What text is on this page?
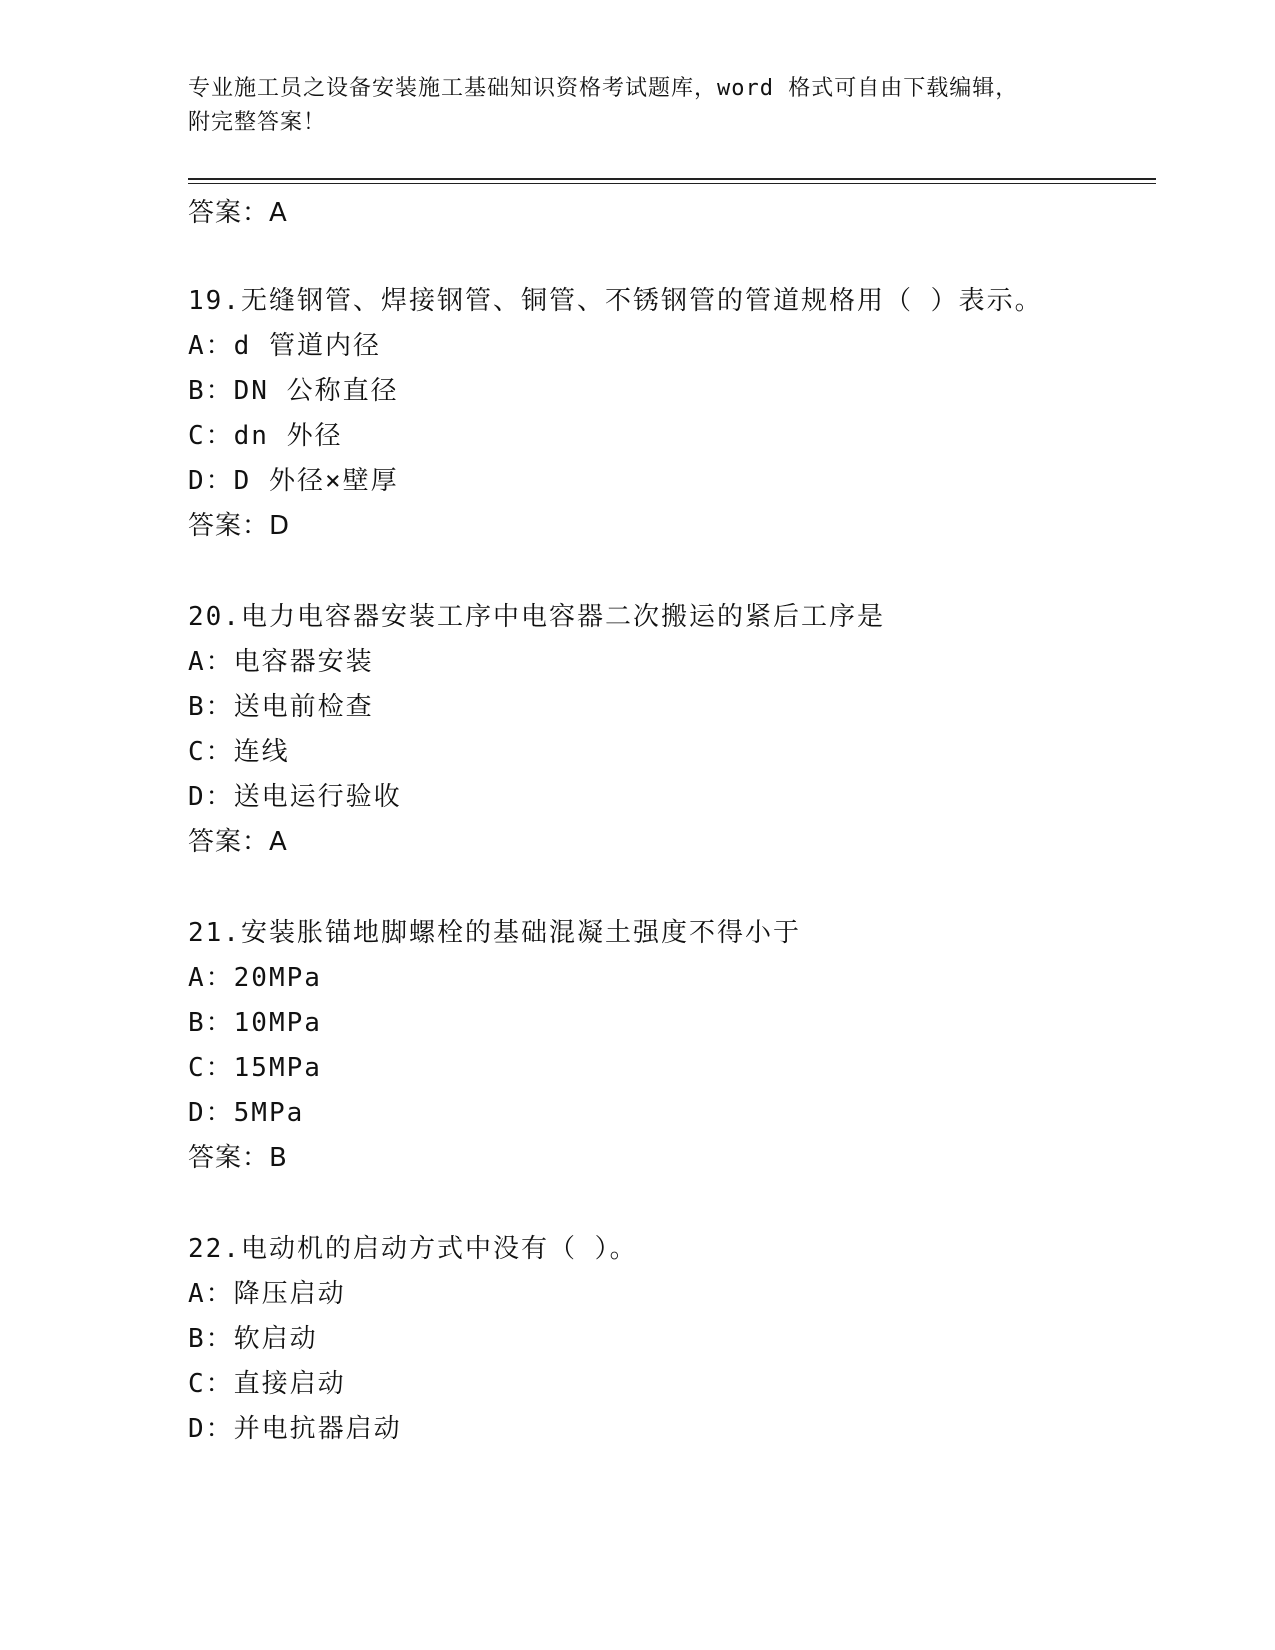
专业施工员之设备安装施工基础知识资格考试题库，word 格式可自由下载编辑，
附完整答案！
答案：A
19.无缝钢管、焊接钢管、铜管、不锈钢管的管道规格用（ ）表示。
A：d 管道内径
B：DN 公称直径
C：dn 外径
D：D 外径×壁厚
答案：D
20.电力电容器安装工序中电容器二次搬运的紧后工序是
A：电容器安装
B：送电前检查
C：连线
D：送电运行验收
答案：A
21.安装胀锚地脚螺栓的基础混凝土强度不得小于
A：20MPa
B：10MPa
C：15MPa
D：5MPa
答案：B
22.电动机的启动方式中没有（ ）。
A：降压启动
B：软启动
C：直接启动
D：并电抗器启动
